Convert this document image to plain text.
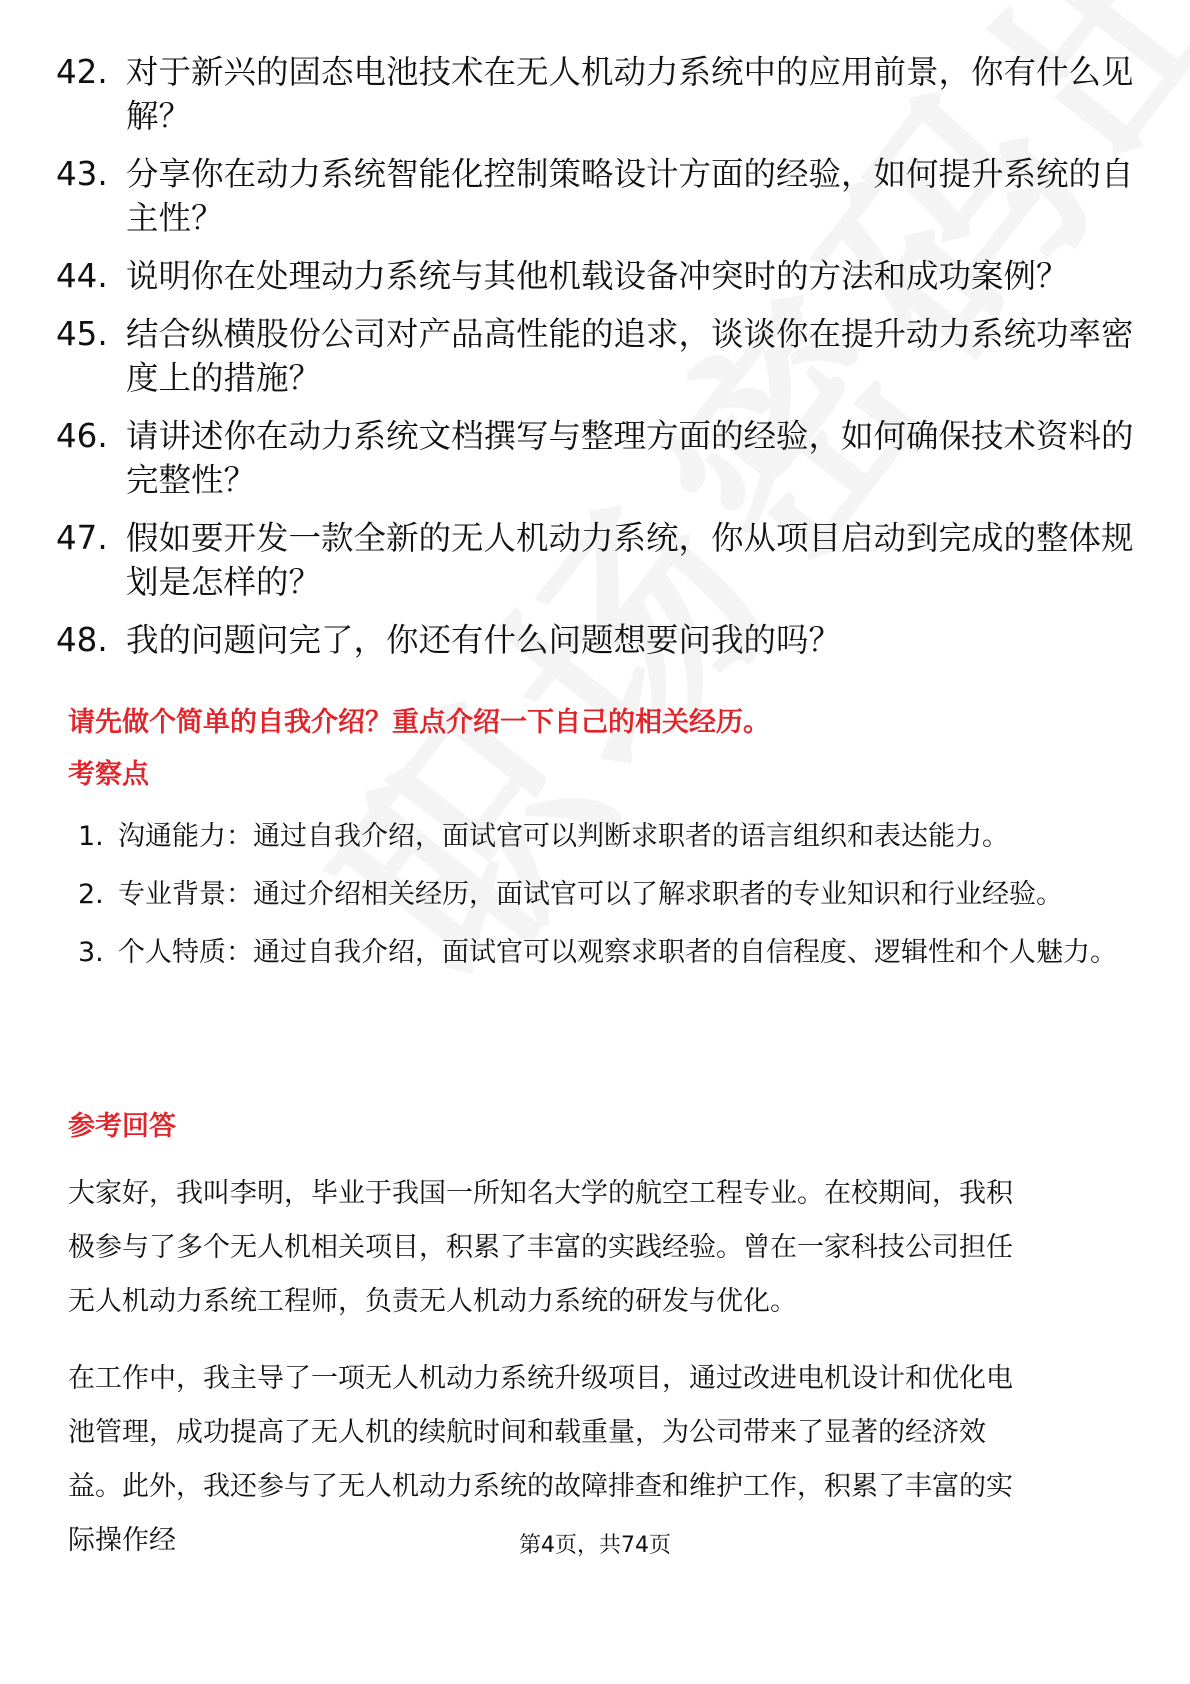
42. 对于新兴的固态电池技术在无人机动力系统中的应用前景，你有什么见解？
43. 分享你在动力系统智能化控制策略设计方面的经验，如何提升系统的自主性？
44. 说明你在处理动力系统与其他机载设备冲突时的方法和成功案例？
45. 结合纵横股份公司对产品高性能的追求，谈谈你在提升动力系统功率密度上的措施？
46. 请讲述你在动力系统文档撰写与整理方面的经验，如何确保技术资料的完整性？
47. 假如要开发一款全新的无人机动力系统，你从项目启动到完成的整体规划是怎样的？
48. 我的问题问完了，你还有什么问题想要问我的吗？
请先做个简单的自我介绍？重点介绍一下自己的相关经历。
考察点
1. 沟通能力：通过自我介绍，面试官可以判断求职者的语言组织和表达能力。
2. 专业背景：通过介绍相关经历，面试官可以了解求职者的专业知识和行业经验。
3. 个人特质：通过自我介绍，面试官可以观察求职者的自信程度、逻辑性和个人魅力。
参考回答
大家好，我叫李明，毕业于我国一所知名大学的航空工程专业。在校期间，我积极参与了多个无人机相关项目，积累了丰富的实践经验。曾在一家科技公司担任无人机动力系统工程师，负责无人机动力系统的研发与优化。
在工作中，我主导了一项无人机动力系统升级项目，通过改进电机设计和优化电池管理，成功提高了无人机的续航时间和载重量，为公司带来了显著的经济效益。此外，我还参与了无人机动力系统的故障排查和维护工作，积累了丰富的实际操作经	第4页，共74页
